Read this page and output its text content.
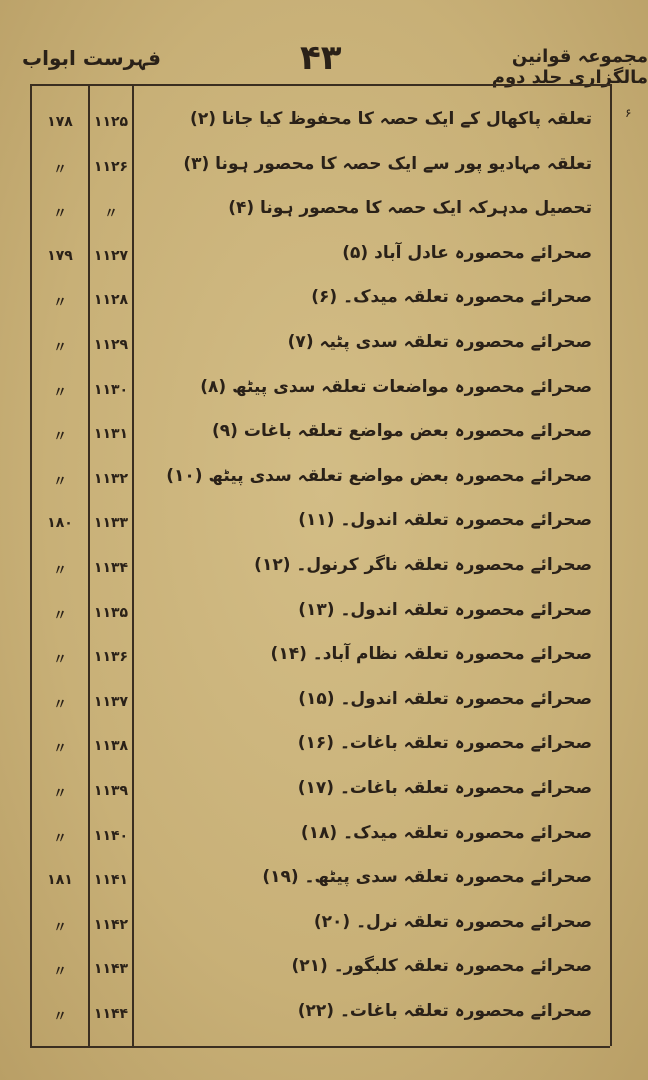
فہرست ابواب	۴۳	مجموعہ قوانین مالگزاری جلد دوم
۶
۱۷۸	۱۱۲۵	تعلقہ پاکھال کے ایک حصہ کا محفوظ کیا جانا (۲)
〃	۱۱۲۶	تعلقہ مہادیو پور سے ایک حصہ کا محصور ہونا (۳)
〃	〃	تحصیل مدہرکہ ایک حصہ کا محصور ہونا (۴)
۱۷۹	۱۱۲۷	صحرائے محصورہ عادل آباد (۵)
〃	۱۱۲۸	صحرائے محصورہ تعلقہ میدک۔ (۶)
〃	۱۱۲۹	صحرائے محصورہ تعلقہ سدی پٹیہ (۷)
〃	۱۱۳۰	صحرائے محصورہ مواضعات تعلقہ سدی پیٹھ (۸)
〃	۱۱۳۱	صحرائے محصورہ بعض مواضع تعلقہ باغات (۹)
〃	۱۱۳۲ صحرائے محصورہ بعض مواضع تعلقہ سدی پیٹھ (۱۰)
۱۸۰	۱۱۳۳	صحرائے محصورہ تعلقہ اندول۔ (۱۱)
〃	۱۱۳۴	صحرائے محصورہ تعلقہ ناگر کرنول۔ (۱۲)
〃	۱۱۳۵	صحرائے محصورہ تعلقہ اندول۔ (۱۳)
〃	۱۱۳۶	صحرائے محصورہ تعلقہ نظام آباد۔ (۱۴)
〃	۱۱۳۷	صحرائے محصورہ تعلقہ اندول۔ (۱۵)
〃	۱۱۳۸	صحرائے محصورہ تعلقہ باغات۔ (۱۶)
〃	۱۱۳۹	صحرائے محصورہ تعلقہ باغات۔ (۱۷)
〃	۱۱۴۰	صحرائے محصورہ تعلقہ میدک۔ (۱۸)
۱۸۱	۱۱۴۱	صحرائے محصورہ تعلقہ سدی پیٹھ۔ (۱۹)
〃	۱۱۴۲	صحرائے محصورہ تعلقہ نرل۔ (۲۰)
〃	۱۱۴۳	صحرائے محصورہ تعلقہ کلبگور۔ (۲۱)
〃	۱۱۴۴	صحرائے محصورہ تعلقہ باغات۔ (۲۲)
